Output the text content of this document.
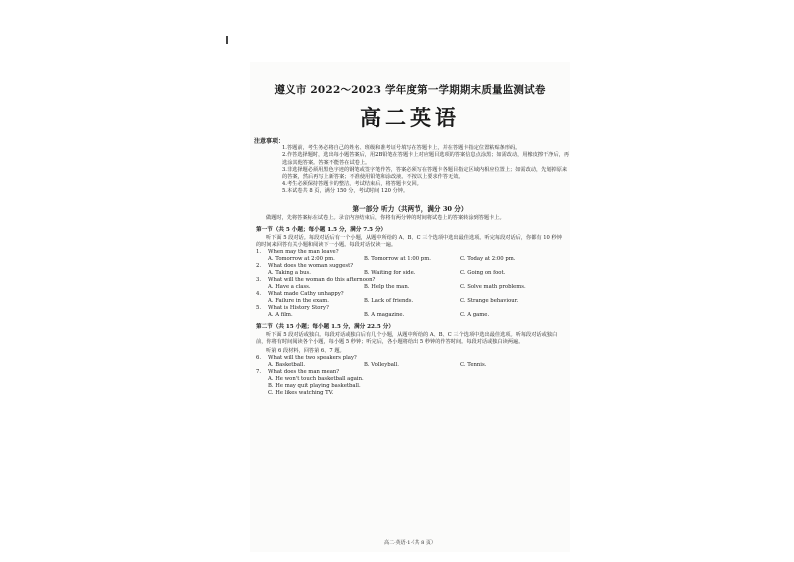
遵义市 2022～2023 学年度第一学期期末质量监测试卷
高二英语
注意事项：
1.答题前，考生务必将自己的姓名、班级和准考证号填写在答题卡上，并在答题卡指定位置粘贴条形码。
2.作答选择题时，选出每小题答案后，用2B铅笔在答题卡上对应题目选项的答案信息点涂黑；如需改动，用橡皮擦干净后，再选涂其他答案。答案不能答在试卷上。
3.非选择题必须用黑色字迹的钢笔或签字笔作答，答案必须写在答题卡各题目指定区域内相应位置上；如需改动，先划掉原来的答案，然后再写上新答案；不准使用铅笔和涂改液。不按以上要求作答无效。
4.考生必须保持答题卡的整洁，考试结束后，将答题卡交回。
5.本试卷共 8 页，满分 150 分，考试时间 120 分钟。
第一部分 听力（共两节，满分 30 分）
做题时，先将答案标在试卷上。录音内容结束后，你将有两分钟的时间将试卷上的答案转涂到答题卡上。
第一节（共 5 小题；每小题 1.5 分，满分 7.5 分）
听下面 5 段对话。每段对话后有一个小题，从题中所给的 A、B、C 三个选项中选出最佳选项。听完每段对话后，你都有 10 秒钟的时间来回答有关小题和阅读下一小题。每段对话仅读一遍。
1.	When may the man leave?
A. Tomorrow at 2:00 pm.	B. Tomorrow at 1:00 pm.	C. Today at 2:00 pm.
2.	What does the woman suggest?
A. Taking a bus.	B. Waiting for side.	C. Going on foot.
3.	What will the woman do this afternoon?
A. Have a class.	B. Help the man.	C. Solve math problems.
4.	What made Cathy unhappy?
A. Failure in the exam.	B. Lack of friends.	C. Strange behaviour.
5.	What is History Story?
A. A film.	B. A magazine.	C. A game.
第二节（共 15 小题；每小题 1.5 分，满分 22.5 分）
听下面 5 段对话或独白。每段对话或独白后有几个小题，从题中所给的 A、B、C 三个选项中选出最佳选项。听每段对话或独白前，你将有时间阅读各个小题，每小题 5 秒钟；听完后，各小题将给出 5 秒钟的作答时间。每段对话或独白读两遍。
听第 6 段材料，回答第 6、7 题。
6.	What will the two speakers play?
A. Basketball.	B. Volleyball.	C. Tennis.
7.	What does the man mean?
A. He won't touch basketball again.
B. He may quit playing basketball.
C. He likes watching TV.
高二·英语·1·（共 8 页）
